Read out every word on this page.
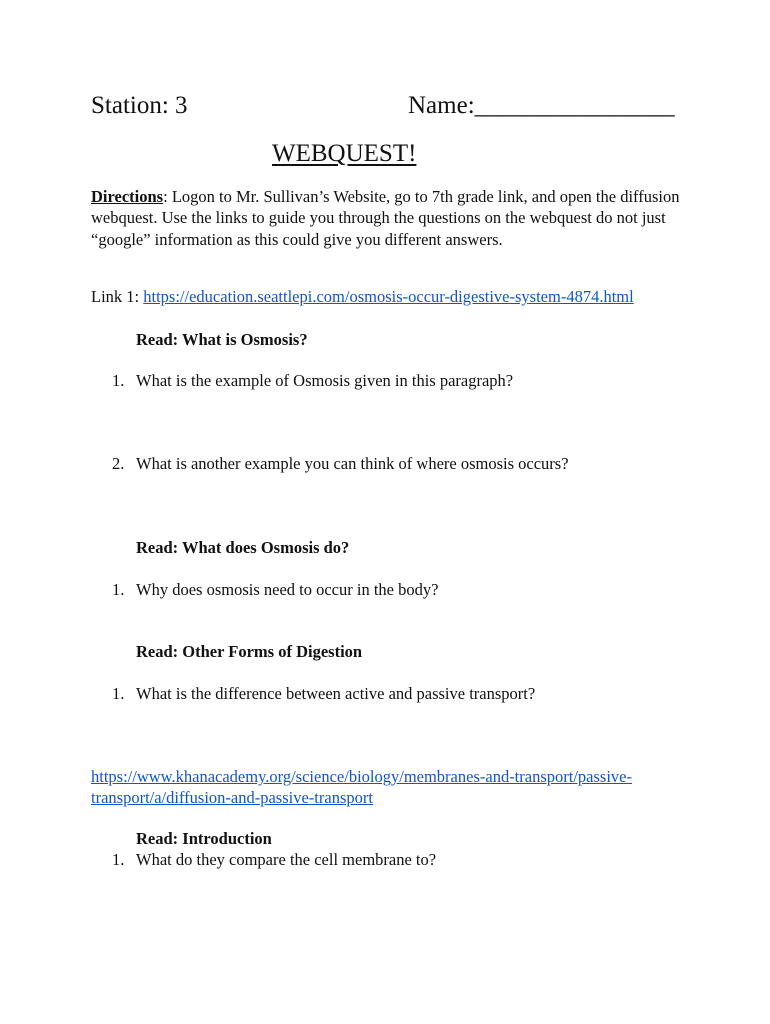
Station: 3	Name:________________
WEBQUEST!
Directions: Logon to Mr. Sullivan’s Website, go to 7th grade link, and open the diffusion webquest. Use the links to guide you through the questions on the webquest do not just “google” information as this could give you different answers.
Link 1: https://education.seattlepi.com/osmosis-occur-digestive-system-4874.html
Read: What is Osmosis?
1. What is the example of Osmosis given in this paragraph?
2. What is another example you can think of where osmosis occurs?
Read: What does Osmosis do?
1. Why does osmosis need to occur in the body?
Read: Other Forms of Digestion
1. What is the difference between active and passive transport?
https://www.khanacademy.org/science/biology/membranes-and-transport/passive-
transport/a/diffusion-and-passive-transport
Read: Introduction
1. What do they compare the cell membrane to?
